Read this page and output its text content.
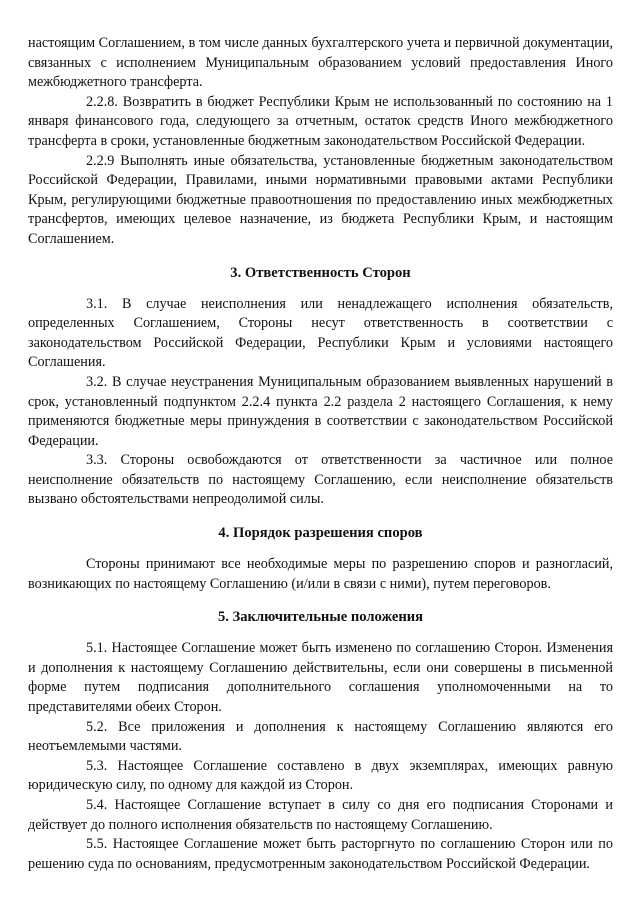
настоящим Соглашением, в том числе данных бухгалтерского учета и первичной документации, связанных с исполнением Муниципальным образованием условий предоставления Иного межбюджетного трансферта.

2.2.8. Возвратить в бюджет Республики Крым не использованный по состоянию на 1 января финансового года, следующего за отчетным, остаток средств Иного межбюджетного трансферта в сроки, установленные бюджетным законодательством Российской Федерации.

2.2.9 Выполнять иные обязательства, установленные бюджетным законодательством Российской Федерации, Правилами, иными нормативными правовыми актами Республики Крым, регулирующими бюджетные правоотношения по предоставлению иных межбюджетных трансфертов, имеющих целевое назначение, из бюджета Республики Крым, и настоящим Соглашением.

3. Ответственность Сторон

3.1. В случае неисполнения или ненадлежащего исполнения обязательств, определенных Соглашением, Стороны несут ответственность в соответствии с законодательством Российской Федерации, Республики Крым и условиями настоящего Соглашения.

3.2. В случае неустранения Муниципальным образованием выявленных нарушений в срок, установленный подпунктом 2.2.4 пункта 2.2 раздела 2 настоящего Соглашения, к нему применяются бюджетные меры принуждения в соответствии с законодательством Российской Федерации.

3.3. Стороны освобождаются от ответственности за частичное или полное неисполнение обязательств по настоящему Соглашению, если неисполнение обязательств вызвано обстоятельствами непреодолимой силы.

4. Порядок разрешения споров

Стороны принимают все необходимые меры по разрешению споров и разногласий, возникающих по настоящему Соглашению (и/или в связи с ними), путем переговоров.

5. Заключительные положения

5.1. Настоящее Соглашение может быть изменено по соглашению Сторон. Изменения и дополнения к настоящему Соглашению действительны, если они совершены в письменной форме путем подписания дополнительного соглашения уполномоченными на то представителями обеих Сторон.

5.2. Все приложения и дополнения к настоящему Соглашению являются его неотъемлемыми частями.

5.3. Настоящее Соглашение составлено в двух экземплярах, имеющих равную юридическую силу, по одному для каждой из Сторон.

5.4. Настоящее Соглашение вступает в силу со дня его подписания Сторонами и действует до полного исполнения обязательств по настоящему Соглашению.

5.5. Настоящее Соглашение может быть расторгнуто по соглашению Сторон или по решению суда по основаниям, предусмотренным законодательством Российской Федерации.
